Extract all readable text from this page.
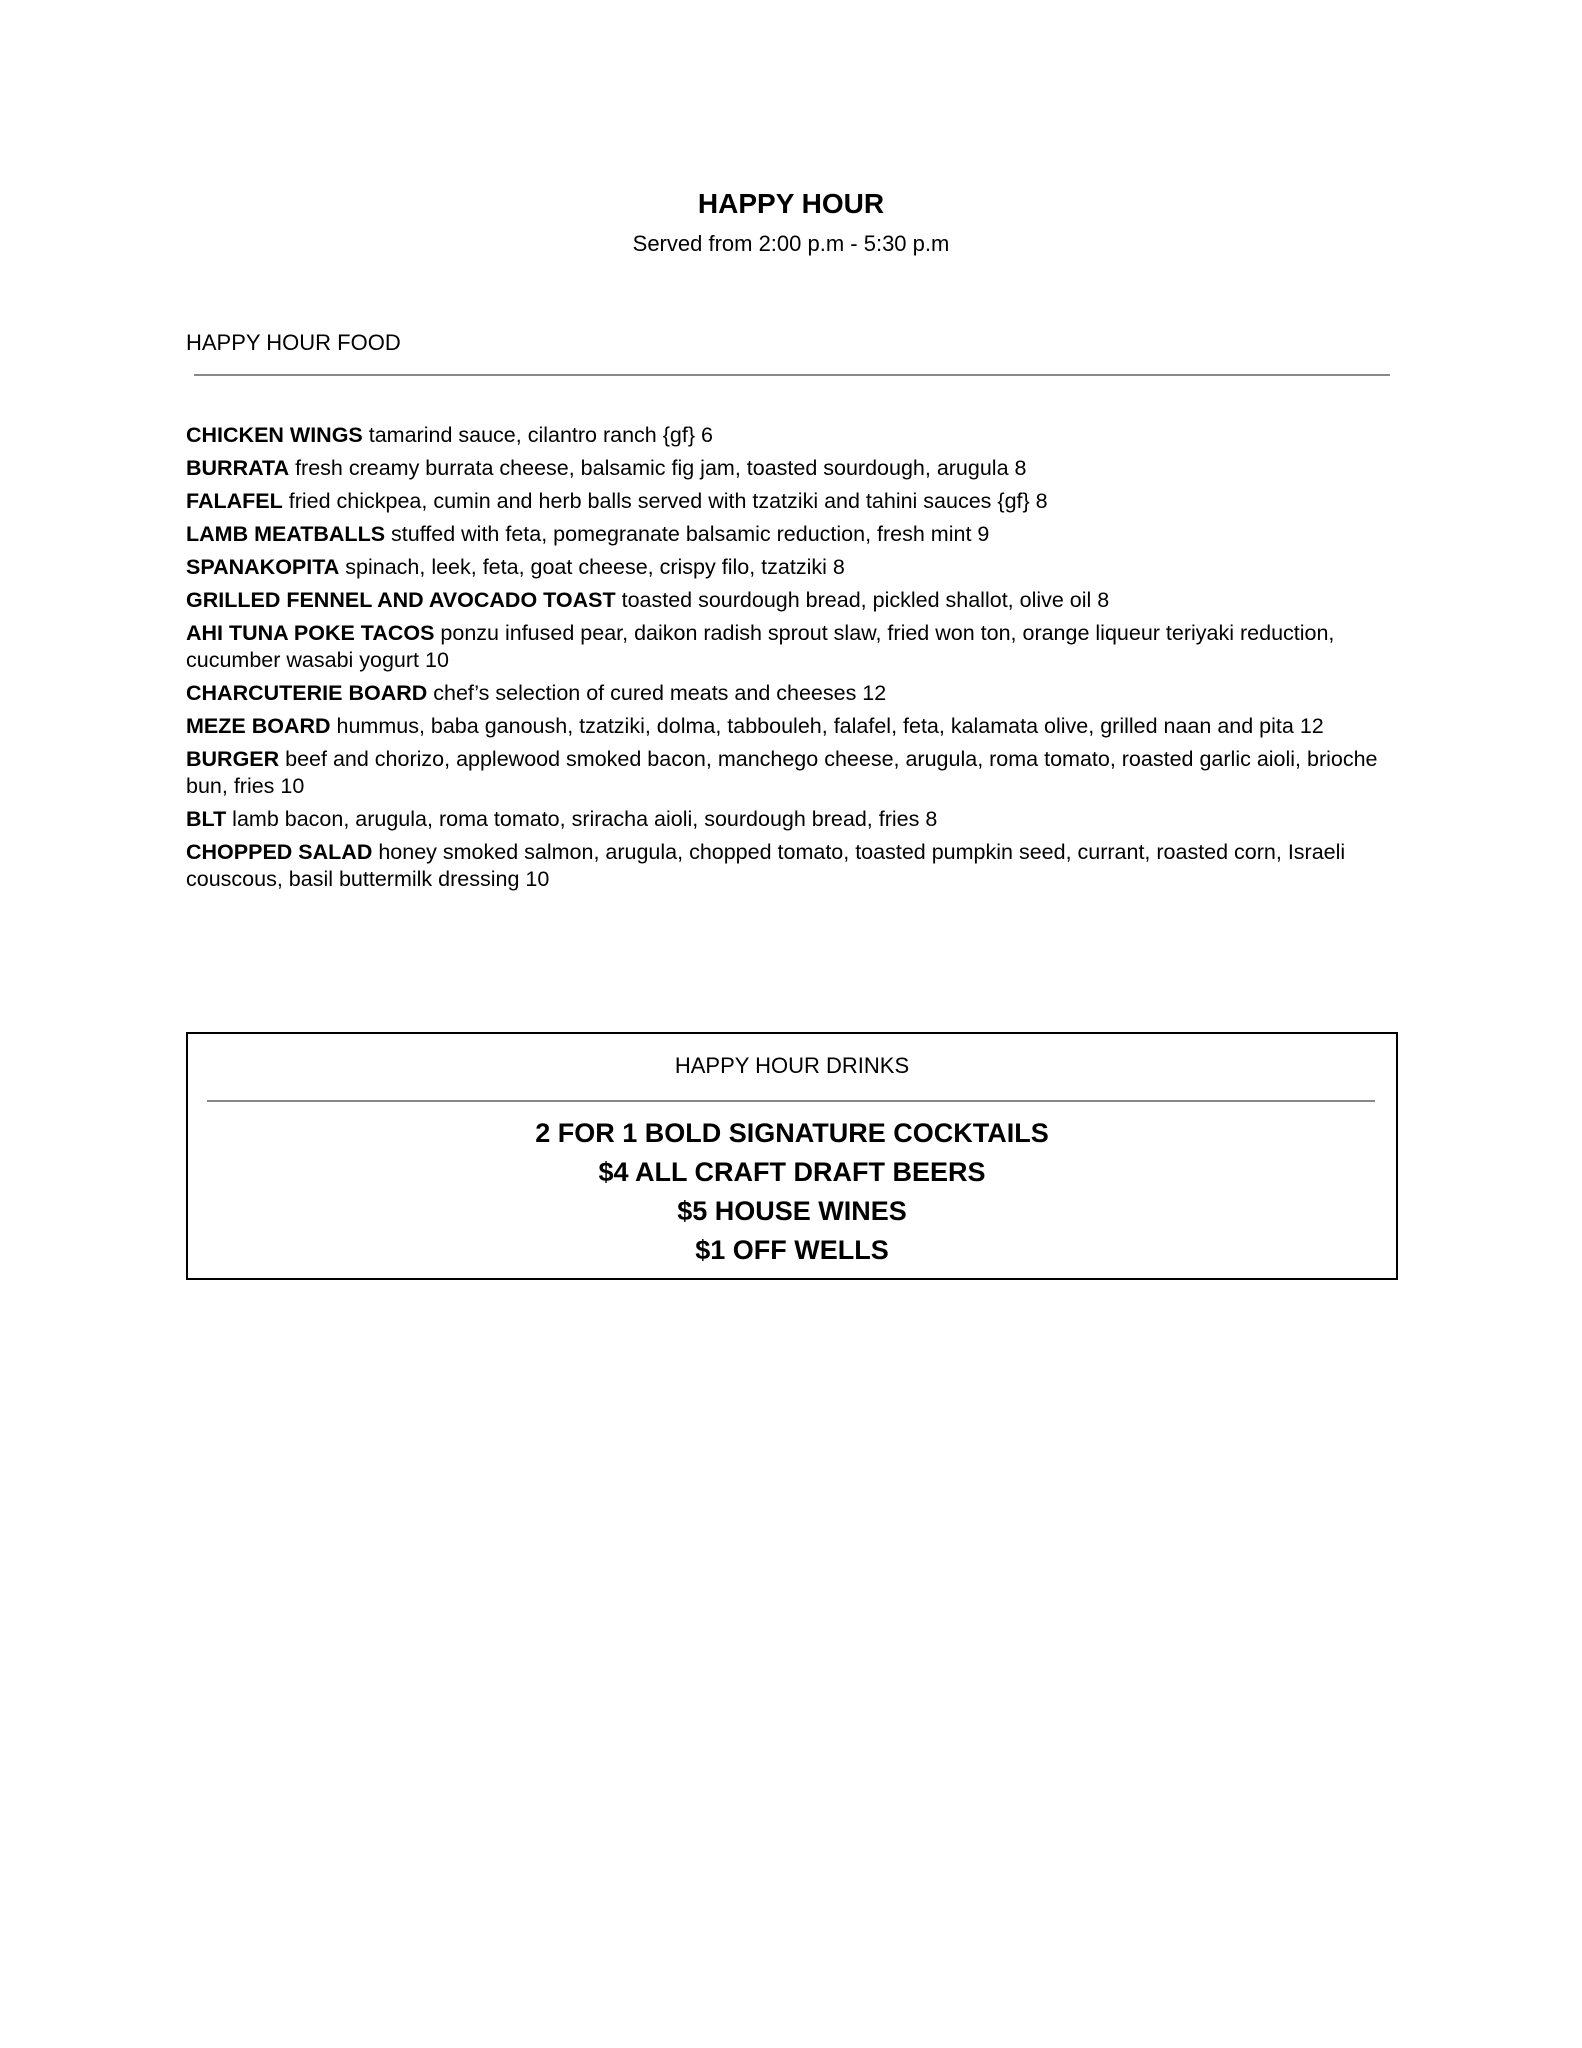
HAPPY HOUR
Served from 2:00 p.m - 5:30 p.m
HAPPY HOUR FOOD
CHICKEN WINGS tamarind sauce, cilantro ranch {gf} 6
BURRATA fresh creamy burrata cheese, balsamic fig jam, toasted sourdough, arugula 8
FALAFEL fried chickpea, cumin and herb balls served with tzatziki and tahini sauces {gf} 8
LAMB MEATBALLS stuffed with feta, pomegranate balsamic reduction, fresh mint 9
SPANAKOPITA spinach, leek, feta, goat cheese, crispy filo, tzatziki 8
GRILLED FENNEL AND AVOCADO TOAST toasted sourdough bread, pickled shallot, olive oil 8
AHI TUNA POKE TACOS ponzu infused pear, daikon radish sprout slaw, fried won ton, orange liqueur teriyaki reduction, cucumber wasabi yogurt 10
CHARCUTERIE BOARD chef’s selection of cured meats and cheeses 12
MEZE BOARD hummus, baba ganoush, tzatziki, dolma, tabbouleh, falafel, feta, kalamata olive, grilled naan and pita 12
BURGER beef and chorizo, applewood smoked bacon, manchego cheese, arugula, roma tomato, roasted garlic aioli, brioche bun, fries 10
BLT lamb bacon, arugula, roma tomato, sriracha aioli, sourdough bread, fries 8
CHOPPED SALAD honey smoked salmon, arugula, chopped tomato, toasted pumpkin seed, currant, roasted corn, Israeli couscous, basil buttermilk dressing 10
HAPPY HOUR DRINKS
2 FOR 1 BOLD SIGNATURE COCKTAILS
$4 ALL CRAFT DRAFT BEERS
$5 HOUSE WINES
$1 OFF WELLS
